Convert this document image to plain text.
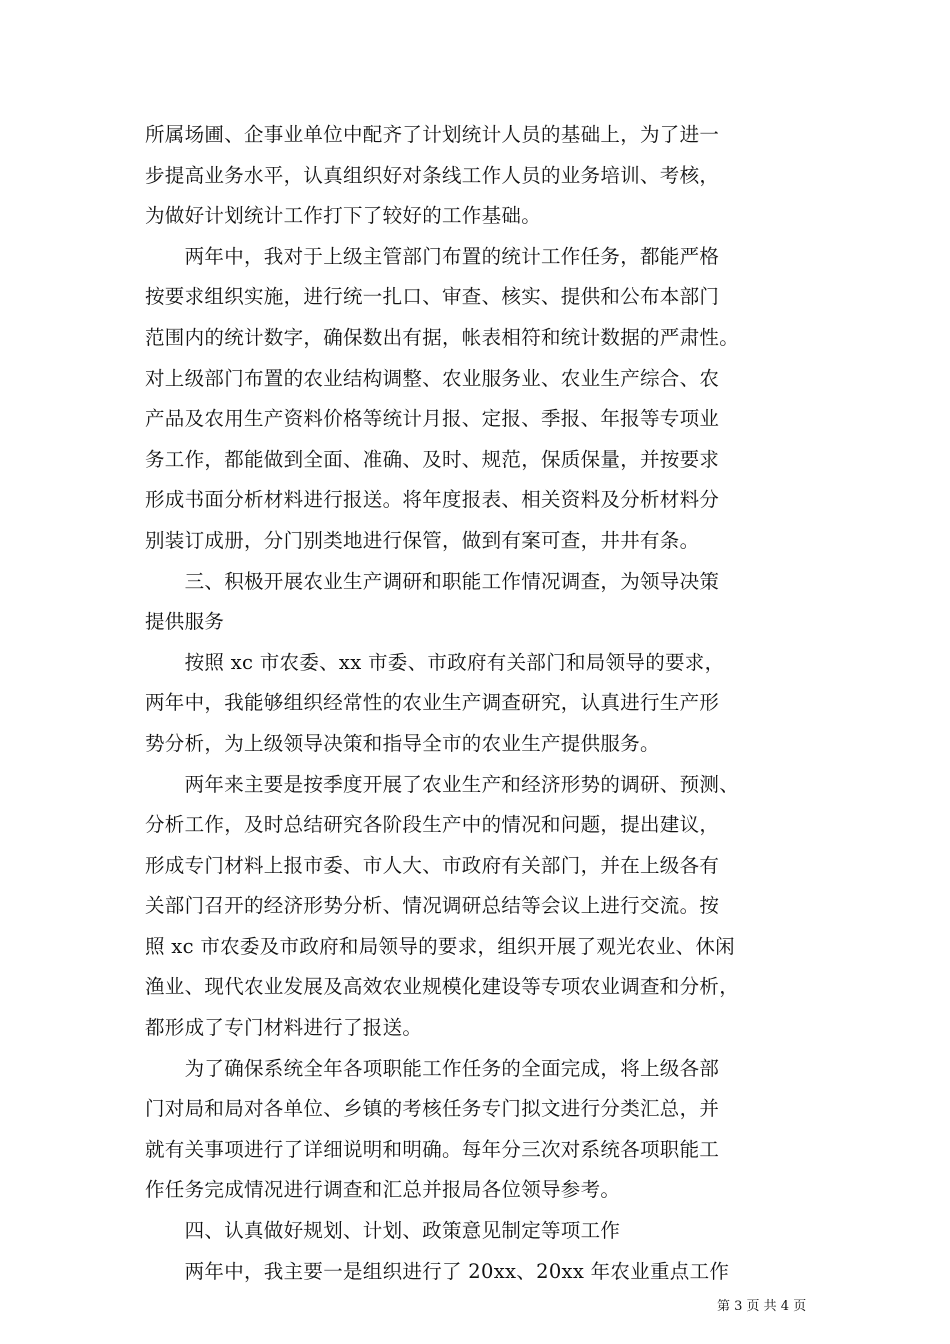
所属场圃、企事业单位中配齐了计划统计人员的基础上，为了进一
步提高业务水平，认真组织好对条线工作人员的业务培训、考核，
为做好计划统计工作打下了较好的工作基础。
　　两年中，我对于上级主管部门布置的统计工作任务，都能严格
按要求组织实施，进行统一扎口、审查、核实、提供和公布本部门
范围内的统计数字，确保数出有据，帐表相符和统计数据的严肃性。
对上级部门布置的农业结构调整、农业服务业、农业生产综合、农
产品及农用生产资料价格等统计月报、定报、季报、年报等专项业
务工作，都能做到全面、准确、及时、规范，保质保量，并按要求
形成书面分析材料进行报送。将年度报表、相关资料及分析材料分
别装订成册，分门别类地进行保管，做到有案可查，井井有条。
　　三、积极开展农业生产调研和职能工作情况调查，为领导决策
提供服务
　　按照 xc 市农委、xx 市委、市政府有关部门和局领导的要求，
两年中，我能够组织经常性的农业生产调查研究，认真进行生产形
势分析，为上级领导决策和指导全市的农业生产提供服务。
　　两年来主要是按季度开展了农业生产和经济形势的调研、预测、
分析工作，及时总结研究各阶段生产中的情况和问题，提出建议，
形成专门材料上报市委、市人大、市政府有关部门，并在上级各有
关部门召开的经济形势分析、情况调研总结等会议上进行交流。按
照 xc 市农委及市政府和局领导的要求，组织开展了观光农业、休闲
渔业、现代农业发展及高效农业规模化建设等专项农业调查和分析，
都形成了专门材料进行了报送。
　　为了确保系统全年各项职能工作任务的全面完成，将上级各部
门对局和局对各单位、乡镇的考核任务专门拟文进行分类汇总，并
就有关事项进行了详细说明和明确。每年分三次对系统各项职能工
作任务完成情况进行调查和汇总并报局各位领导参考。
　　四、认真做好规划、计划、政策意见制定等项工作
　　两年中，我主要一是组织进行了 20xx、20xx 年农业重点工作
第 3 页 共 4 页
